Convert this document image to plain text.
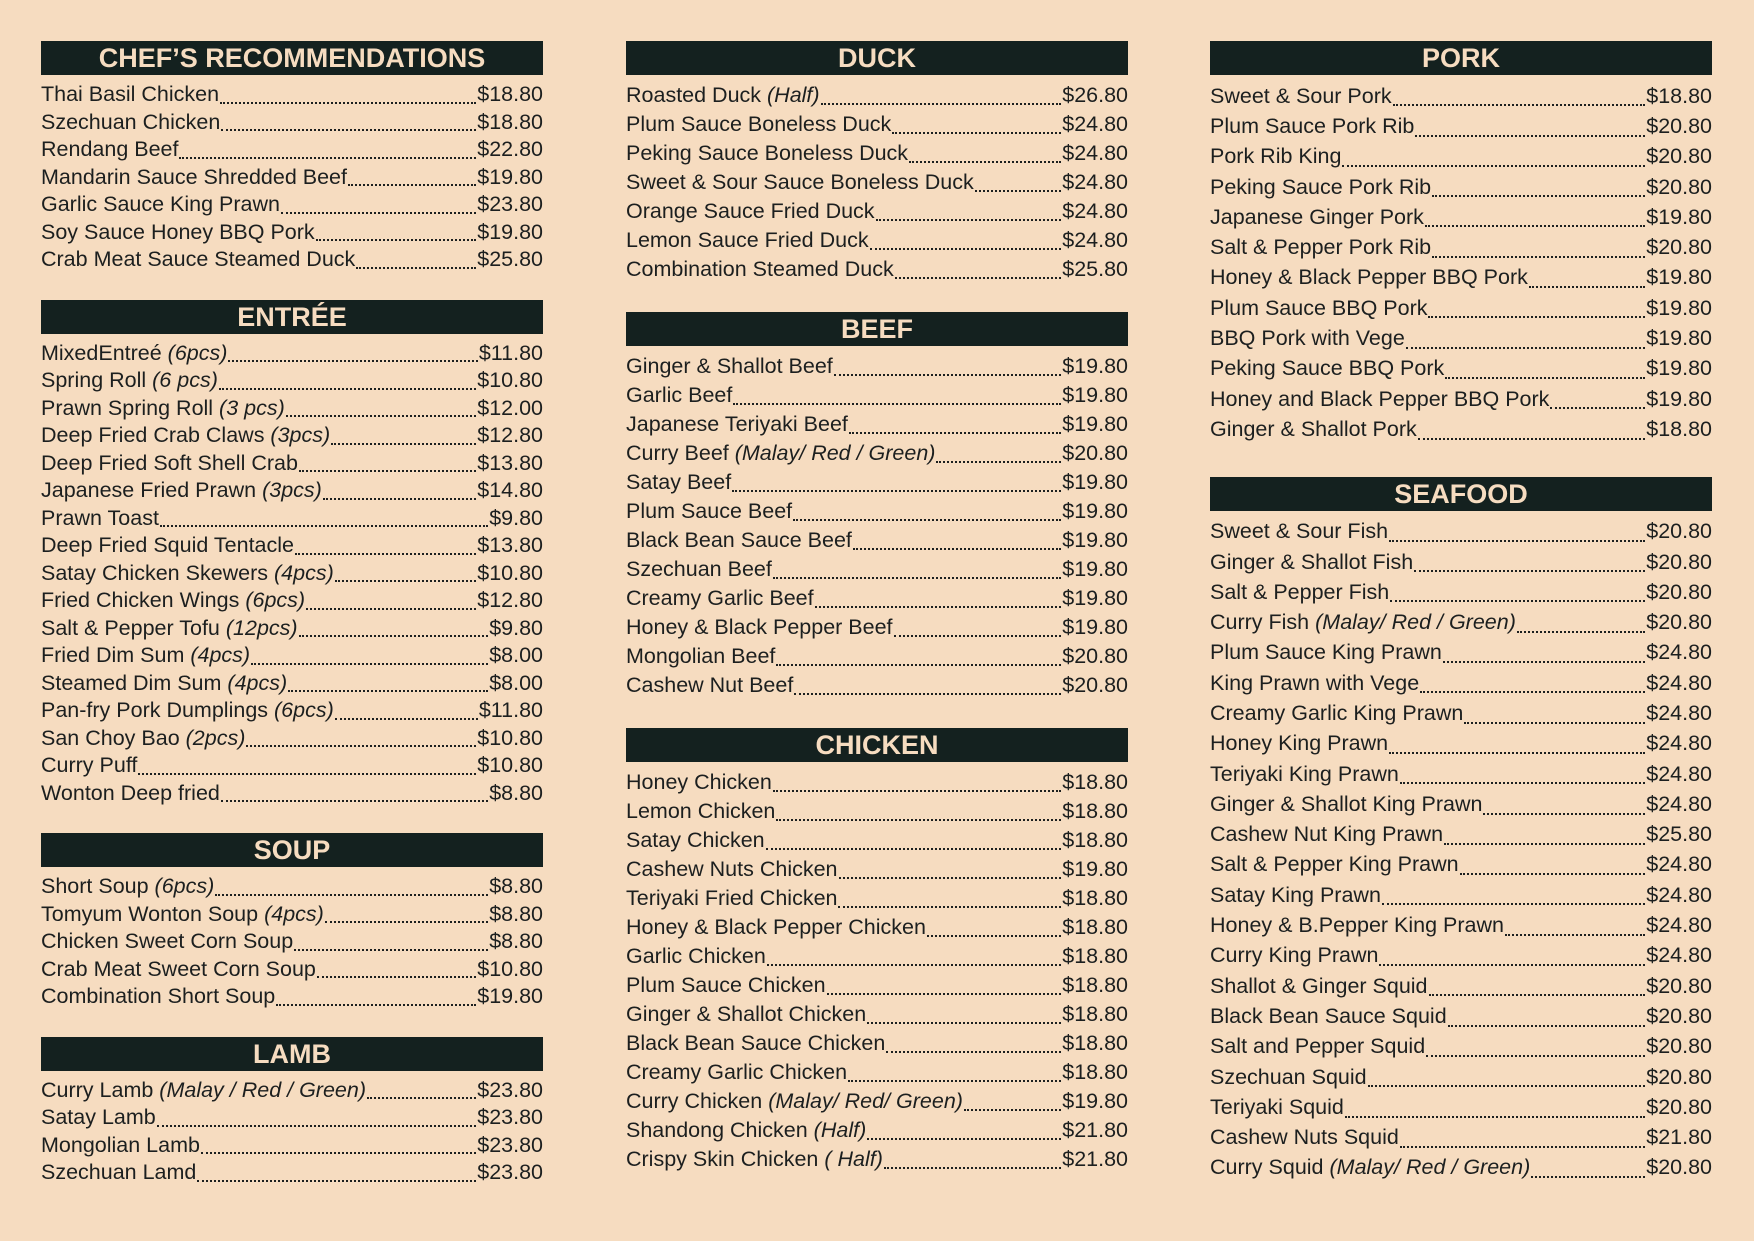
CHEF’S RECOMMENDATIONS
Thai Basil Chicken	$18.80
Szechuan Chicken	$18.80
Rendang Beef	$22.80
Mandarin Sauce Shredded Beef	$19.80
Garlic Sauce King Prawn	$23.80
Soy Sauce Honey BBQ Pork	$19.80
Crab Meat Sauce Steamed Duck	$25.80
ENTRÉE
MixedEntreé (6pcs)	$11.80
Spring Roll (6 pcs)	$10.80
Prawn Spring Roll (3 pcs)	$12.00
Deep Fried Crab Claws (3pcs)	$12.80
Deep Fried Soft Shell Crab	$13.80
Japanese Fried Prawn (3pcs)	$14.80
Prawn Toast	$9.80
Deep Fried Squid Tentacle	$13.80
Satay Chicken Skewers (4pcs)	$10.80
Fried Chicken Wings (6pcs)	$12.80
Salt & Pepper Tofu (12pcs)	$9.80
Fried Dim Sum (4pcs)	$8.00
Steamed Dim Sum (4pcs)	$8.00
Pan-fry Pork Dumplings (6pcs)	$11.80
San Choy Bao (2pcs)	$10.80
Curry Puff	$10.80
Wonton Deep fried	$8.80
SOUP
Short Soup (6pcs)	$8.80
Tomyum Wonton Soup (4pcs)	$8.80
Chicken Sweet Corn Soup	$8.80
Crab Meat Sweet Corn Soup	$10.80
Combination Short Soup	$19.80
LAMB
Curry Lamb (Malay / Red / Green)	$23.80
Satay Lamb	$23.80
Mongolian Lamb	$23.80
Szechuan Lamd	$23.80
DUCK
Roasted Duck (Half)	$26.80
Plum Sauce Boneless Duck	$24.80
Peking Sauce Boneless Duck	$24.80
Sweet & Sour Sauce Boneless Duck	$24.80
Orange Sauce Fried Duck	$24.80
Lemon Sauce Fried Duck	$24.80
Combination Steamed Duck	$25.80
BEEF
Ginger & Shallot Beef	$19.80
Garlic Beef	$19.80
Japanese Teriyaki Beef	$19.80
Curry Beef (Malay/ Red / Green)	$20.80
Satay Beef	$19.80
Plum Sauce Beef	$19.80
Black Bean Sauce Beef	$19.80
Szechuan Beef	$19.80
Creamy Garlic Beef	$19.80
Honey & Black Pepper Beef	$19.80
Mongolian Beef	$20.80
Cashew Nut Beef	$20.80
CHICKEN
Honey Chicken	$18.80
Lemon Chicken	$18.80
Satay Chicken	$18.80
Cashew Nuts Chicken	$19.80
Teriyaki Fried Chicken	$18.80
Honey & Black Pepper Chicken	$18.80
Garlic Chicken	$18.80
Plum Sauce Chicken	$18.80
Ginger & Shallot Chicken	$18.80
Black Bean Sauce Chicken	$18.80
Creamy Garlic Chicken	$18.80
Curry Chicken (Malay/ Red/ Green)	$19.80
Shandong Chicken (Half)	$21.80
Crispy Skin Chicken ( Half)	$21.80
PORK
Sweet & Sour Pork	$18.80
Plum Sauce Pork Rib	$20.80
Pork Rib King	$20.80
Peking Sauce Pork Rib	$20.80
Japanese Ginger Pork	$19.80
Salt & Pepper Pork Rib	$20.80
Honey & Black Pepper BBQ Pork	$19.80
Plum Sauce BBQ Pork	$19.80
BBQ Pork with Vege	$19.80
Peking Sauce BBQ Pork	$19.80
Honey and Black Pepper BBQ Pork	$19.80
Ginger & Shallot Pork	$18.80
SEAFOOD
Sweet & Sour Fish	$20.80
Ginger & Shallot Fish	$20.80
Salt & Pepper Fish	$20.80
Curry Fish (Malay/ Red / Green)	$20.80
Plum Sauce King Prawn	$24.80
King Prawn with Vege	$24.80
Creamy Garlic King Prawn	$24.80
Honey King Prawn	$24.80
Teriyaki King Prawn	$24.80
Ginger & Shallot King Prawn	$24.80
Cashew Nut King Prawn	$25.80
Salt & Pepper King Prawn	$24.80
Satay King Prawn	$24.80
Honey & B.Pepper King Prawn	$24.80
Curry King Prawn	$24.80
Shallot & Ginger Squid	$20.80
Black Bean Sauce Squid	$20.80
Salt and Pepper Squid	$20.80
Szechuan Squid	$20.80
Teriyaki Squid	$20.80
Cashew Nuts Squid	$21.80
Curry Squid (Malay/ Red / Green)	$20.80
